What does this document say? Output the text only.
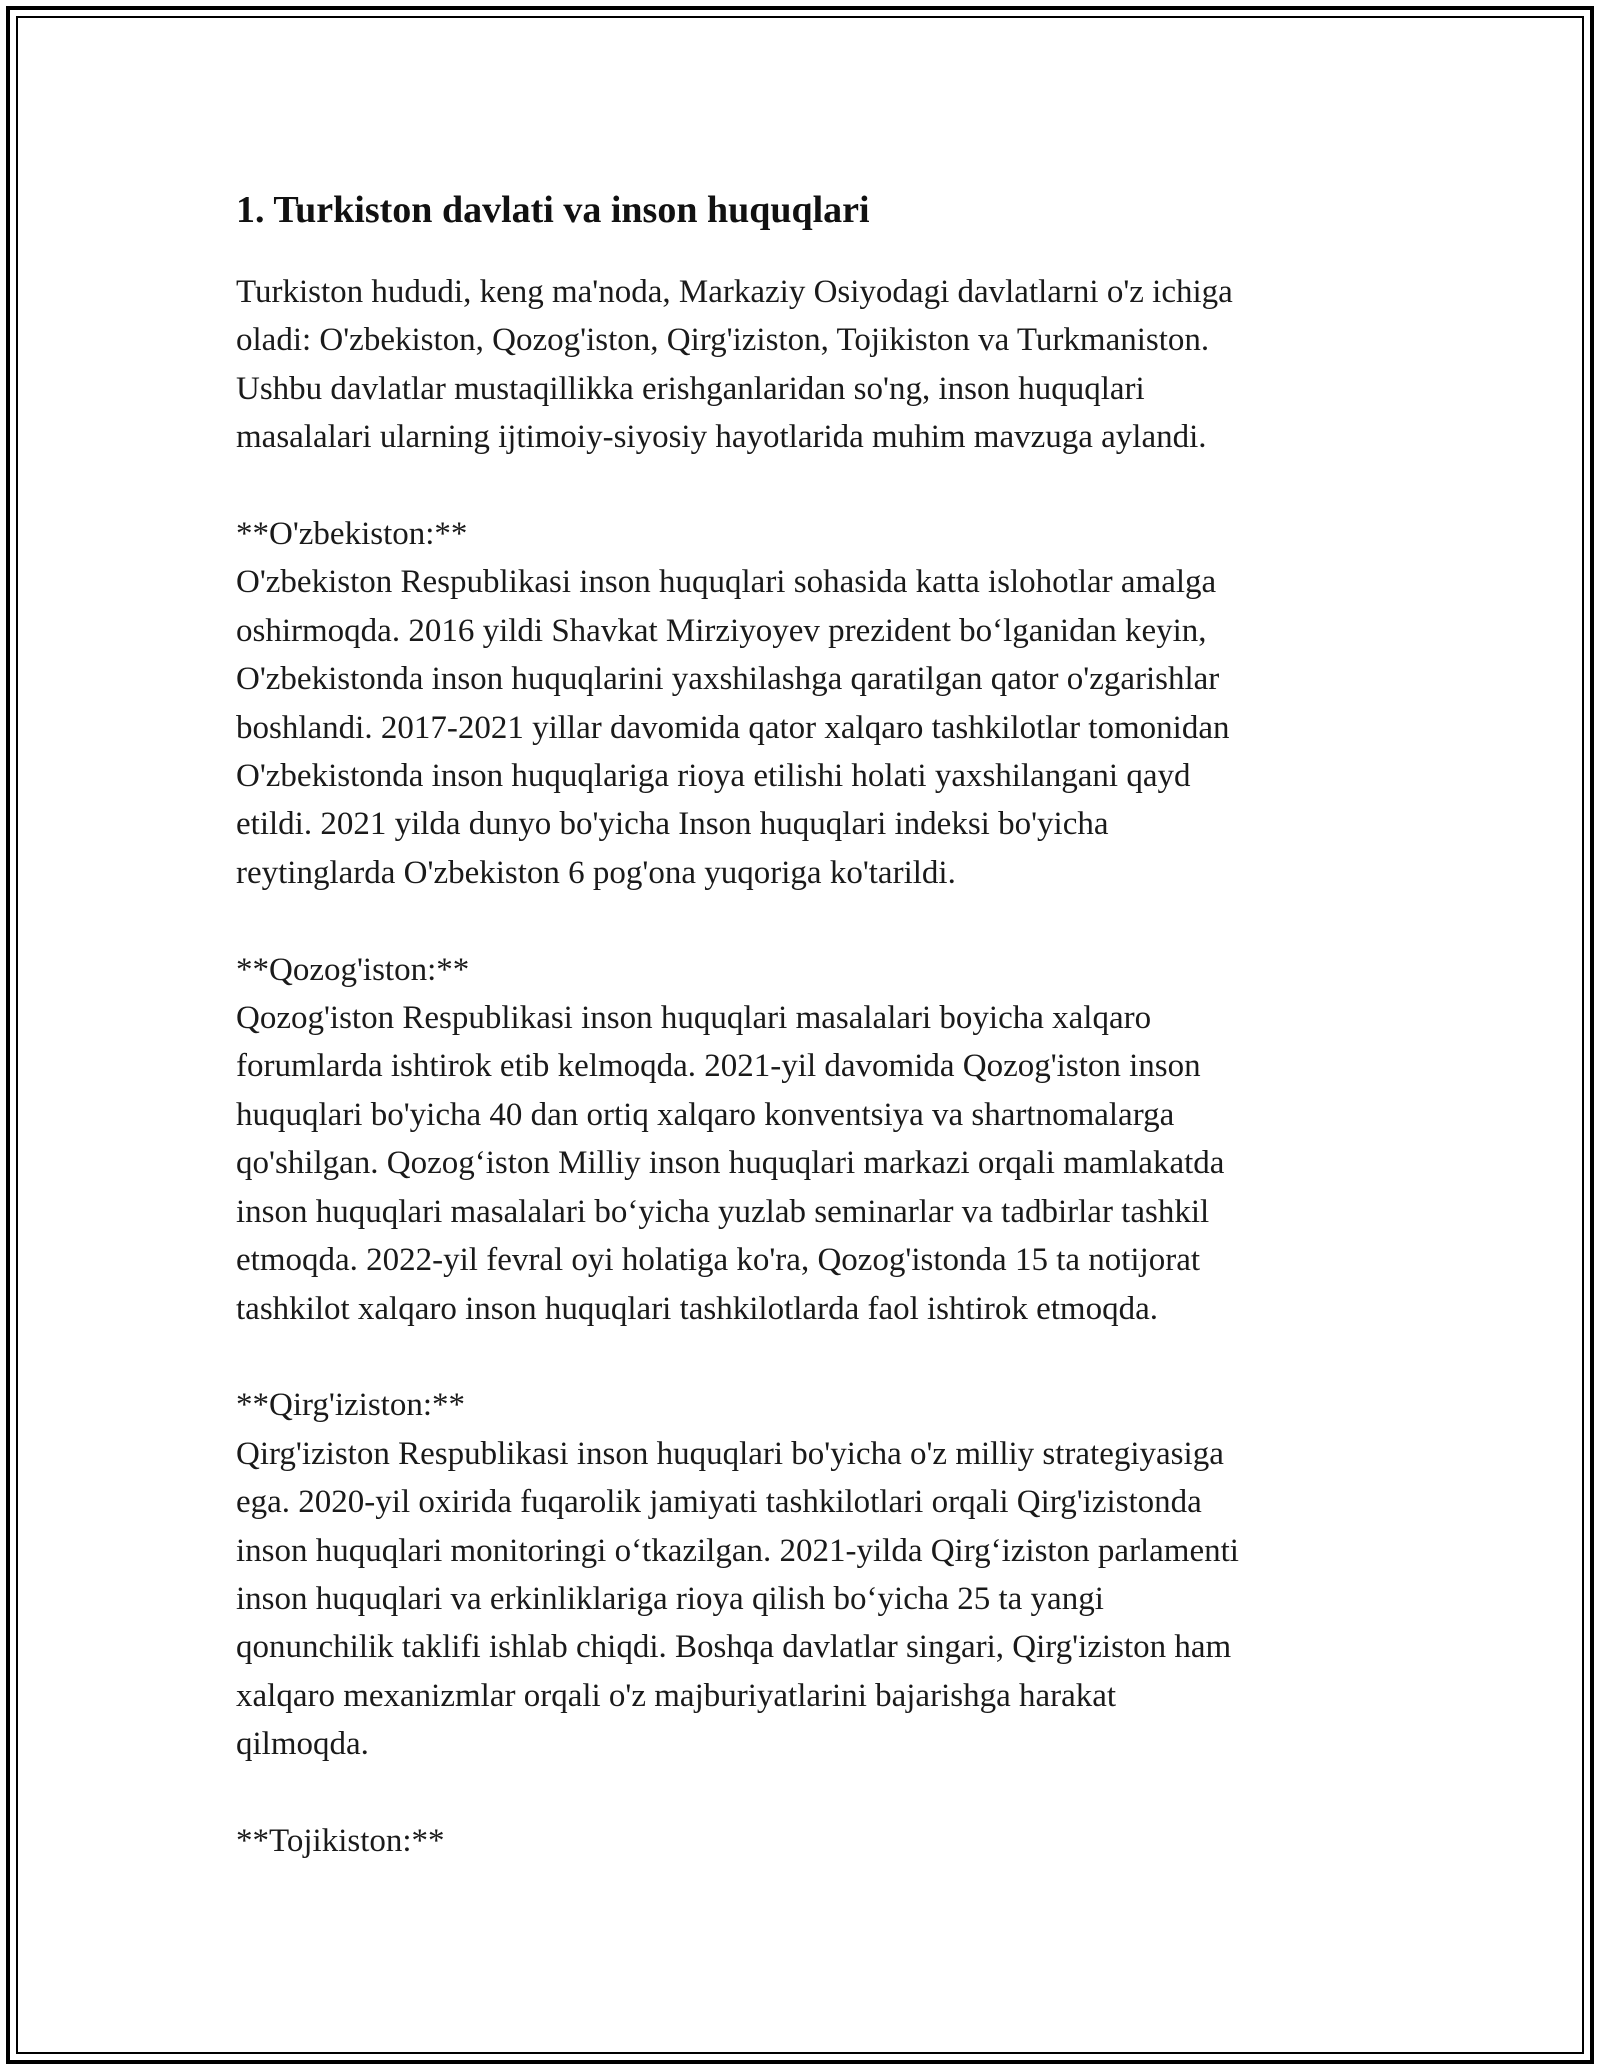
1. Turkiston davlati va inson huquqlari

Turkiston hududi, keng ma'noda, Markaziy Osiyodagi davlatlarni o'z ichiga
oladi: O'zbekiston, Qozog'iston, Qirg'iziston, Tojikiston va Turkmaniston.
Ushbu davlatlar mustaqillikka erishganlaridan so'ng, inson huquqlari
masalalari ularning ijtimoiy-siyosiy hayotlarida muhim mavzuga aylandi.

**O'zbekiston:**

O'zbekiston Respublikasi inson huquqlari sohasida katta islohotlar amalga
oshirmoqda. 2016 yildi Shavkat Mirziyoyev prezident bo‘lganidan keyin,
O'zbekistonda inson huquqlarini yaxshilashga qaratilgan qator o'zgarishlar
boshlandi. 2017-2021 yillar davomida qator xalqaro tashkilotlar tomonidan
O'zbekistonda inson huquqlariga rioya etilishi holati yaxshilangani qayd
etildi. 2021 yilda dunyo bo'yicha Inson huquqlari indeksi bo'yicha
reytinglarda O'zbekiston 6 pog'ona yuqoriga ko'tarildi.

**Qozog'iston:**

Qozog'iston Respublikasi inson huquqlari masalalari boyicha xalqaro
forumlarda ishtirok etib kelmoqda. 2021-yil davomida Qozog'iston inson
huquqlari bo'yicha 40 dan ortiq xalqaro konventsiya va shartnomalarga
qo'shilgan. Qozog‘iston Milliy inson huquqlari markazi orqali mamlakatda
inson huquqlari masalalari bo‘yicha yuzlab seminarlar va tadbirlar tashkil
etmoqda. 2022-yil fevral oyi holatiga ko'ra, Qozog'istonda 15 ta notijorat
tashkilot xalqaro inson huquqlari tashkilotlarda faol ishtirok etmoqda.

**Qirg'iziston:**

Qirg'iziston Respublikasi inson huquqlari bo'yicha o'z milliy strategiyasiga
ega. 2020-yil oxirida fuqarolik jamiyati tashkilotlari orqali Qirg'izistonda
inson huquqlari monitoringi o‘tkazilgan. 2021-yilda Qirg‘iziston parlamenti
inson huquqlari va erkinliklariga rioya qilish bo‘yicha 25 ta yangi
qonunchilik taklifi ishlab chiqdi. Boshqa davlatlar singari, Qirg'iziston ham
xalqaro mexanizmlar orqali o'z majburiyatlarini bajarishga harakat
qilmoqda.

**Tojikiston:**
